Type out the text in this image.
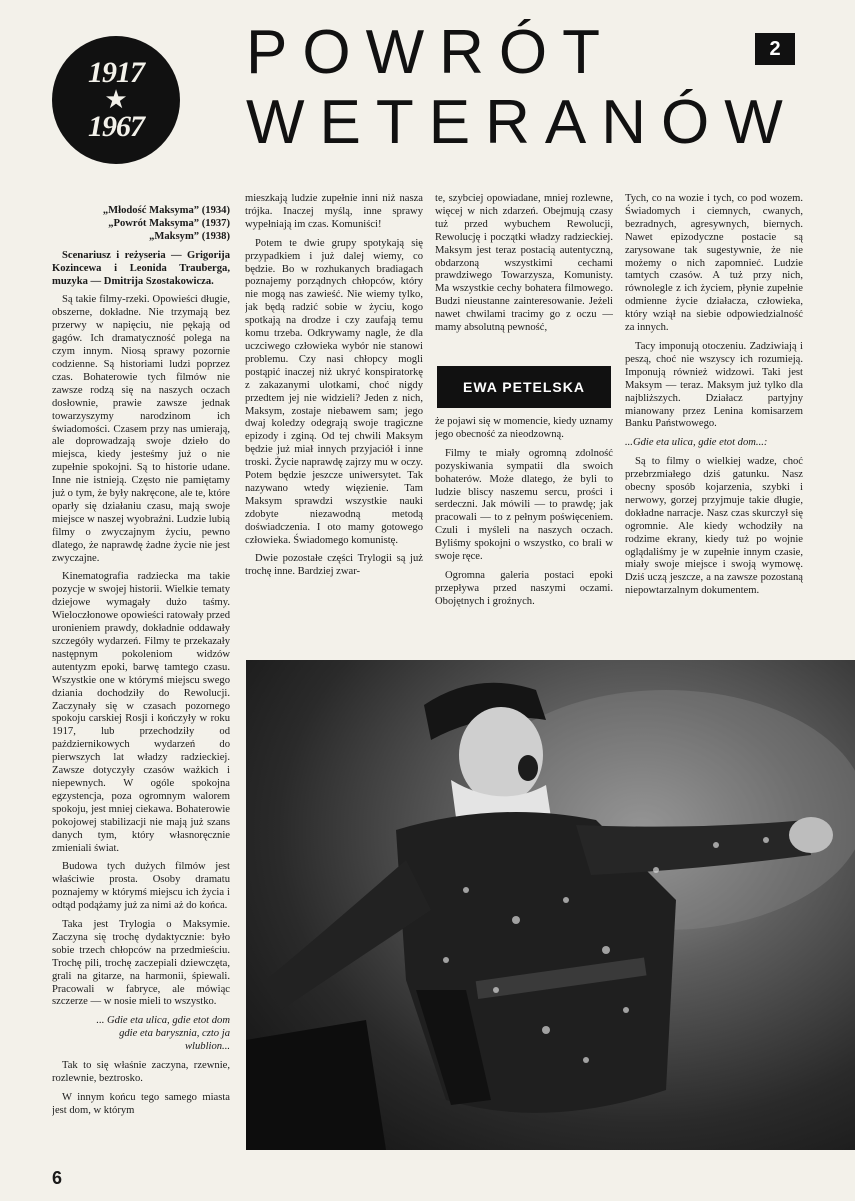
1917
★
1967
POWRÓT
WETERANÓW
2

„Młodość Maksyma” (1934)
„Powrót Maksyma” (1937)
„Maksym” (1938)

Scenariusz i reżyseria — Grigorija Kozincewa i Leonida Trauberga, muzyka — Dmitrija Szostakowicza.

Są takie filmy-rzeki. Opowieści długie, obszerne, dokładne. Nie trzymają bez przerwy w napięciu, nie pękają od gagów. Ich dramatyczność polega na czym innym. Niosą sprawy pozornie codzienne. Są historiami ludzi poprzez czas. Bohaterowie tych filmów nie zawsze rodzą się na naszych oczach dosłownie, prawie zawsze jednak towarzyszymy narodzinom ich świadomości. Czasem przy nas umierają, ale doprowadzają swoje dzieło do miejsca, kiedy jesteśmy już o nie zupełnie spokojni. Są to historie udane. Inne nie istnieją. Często nie pamiętamy już o tym, że były nakręcone, ale te, które oparły się działaniu czasu, mają swoje miejsce w naszej wyobraźni. Ludzie lubią filmy o zwyczajnym życiu, pewno dlatego, że naprawdę żadne życie nie jest zwyczajne.

Kinematografia radziecka ma takie pozycje w swojej historii. Wielkie tematy dziejowe wymagały dużo taśmy. Wieloczłonowe opowieści ratowały przed uronieniem prawdy, dokładnie oddawały szczegóły wydarzeń. Filmy te przekazały następnym pokoleniom widzów autentyzm epoki, barwę tamtego czasu. Wszystkie one w którymś miejscu swego dziania dochodziły do Rewolucji. Zaczynały się w czasach pozornego spokoju carskiej Rosji i kończyły w roku 1917, lub przechodziły od październikowych wydarzeń do pierwszych lat władzy radzieckiej. Zawsze dotyczyły czasów ważkich i niepewnych. W ogóle spokojna egzystencja, poza ogromnym walorem spokoju, jest mniej ciekawa. Bohaterowie pokojowej stabilizacji nie mają już szans danych tym, który własnoręcznie zmieniali świat.

Budowa tych dużych filmów jest właściwie prosta. Osoby dramatu poznajemy w którymś miejscu ich życia i odtąd podążamy już za nimi aż do końca.

Taka jest Trylogia o Maksymie. Zaczyna się trochę dydaktycznie: było sobie trzech chłopców na przedmieściu. Trochę pili, trochę zaczepiali dziewczęta, grali na gitarze, na harmonii, śpiewali. Pracowali w fabryce, ale mówiąc szczerze — w nosie mieli to wszystko.

... Gdie eta ulica, gdie etot dom
gdie eta barysznia, czto ja
wlublion...

Tak to się właśnie zaczyna, rzewnie, rozlewnie, beztrosko.

W innym końcu tego samego miasta jest dom, w którym

mieszkają ludzie zupełnie inni niż nasza trójka. Inaczej myślą, inne sprawy wypełniają im czas. Komuniści!

Potem te dwie grupy spotykają się przypadkiem i już dalej wiemy, co będzie. Bo w rozhukanych bradiagach poznajemy porządnych chłopców, który nie mogą nas zawieść. Nie wiemy tylko, jak będą radzić sobie w życiu, kogo spotkają na drodze i czy zaufają temu komu trzeba. Odkrywamy nagle, że dla uczciwego człowieka wybór nie stanowi problemu. Czy nasi chłopcy mogli postąpić inaczej niż ukryć konspiratorkę z zakazanymi ulotkami, choć nigdy przedtem jej nie widzieli? Jeden z nich, Maksym, zostaje niebawem sam; jego dwaj koledzy odegrają swoje tragiczne epizody i zginą. Od tej chwili Maksym będzie już miał innych przyjaciół i inne troski. Życie naprawdę zajrzy mu w oczy. Potem będzie jeszcze uniwersytet. Tak nazywano wtedy więzienie. Tam Maksym sprawdzi wszystkie nauki zdobyte niezawodną metodą doświadczenia. I oto mamy gotowego człowieka. Świadomego komunistę.

Dwie pozostałe części Trylogii są już trochę inne. Bardziej zwar-

te, szybciej opowiadane, mniej rozlewne, więcej w nich zdarzeń. Obejmują czasy tuż przed wybuchem Rewolucji, Rewolucję i początki władzy radzieckiej. Maksym jest teraz postacią autentyczną, obdarzoną wszystkimi cechami prawdziwego Towarzysza, Komunisty. Ma wszystkie cechy bohatera filmowego. Budzi nieustanne zainteresowanie. Jeżeli nawet chwilami tracimy go z oczu — mamy absolutną pewność,

EWA PETELSKA

że pojawi się w momencie, kiedy uznamy jego obecność za nieodzowną.

Filmy te miały ogromną zdolność pozyskiwania sympatii dla swoich bohaterów. Może dlatego, że byli to ludzie bliscy naszemu sercu, prości i serdeczni. Jak mówili — to prawdę; jak pracowali — to z pełnym poświęceniem. Czuli i myśleli na naszych oczach. Byliśmy spokojni o wszystko, co brali w swoje ręce.

Ogromna galeria postaci epoki przepływa przed naszymi oczami. Obojętnych i groźnych.

Tych, co na wozie i tych, co pod wozem. Świadomych i ciemnych, cwanych, bezradnych, agresywnych, biernych. Nawet epizodyczne postacie są zarysowane tak sugestywnie, że nie możemy o nich zapomnieć. Ludzie tamtych czasów. A tuż przy nich, równolegle z ich życiem, płynie zupełnie odmienne życie działacza, człowieka, który wziął na siebie odpowiedzialność za innych.

Tacy imponują otoczeniu. Zadziwiają i peszą, choć nie wszyscy ich rozumieją. Imponują również widzowi. Taki jest Maksym — teraz. Maksym już tylko dla najbliższych. Działacz partyjny mianowany przez Lenina komisarzem Banku Państwowego.

...Gdie eta ulica, gdie etot dom...:

Są to filmy o wielkiej wadze, choć przebrzmiałego dziś gatunku. Nasz obecny sposób kojarzenia, szybki i nerwowy, gorzej przyjmuje takie długie, dokładne narracje. Nasz czas skurczył się ogromnie. Ale kiedy wchodziły na rodzime ekrany, kiedy tuż po wojnie oglądaliśmy je w zupełnie innym czasie, miały swoje miejsce i swoją wymowę. Dziś uczą jeszcze, a na zawsze pozostaną niepowtarzalnym dokumentem.

6
